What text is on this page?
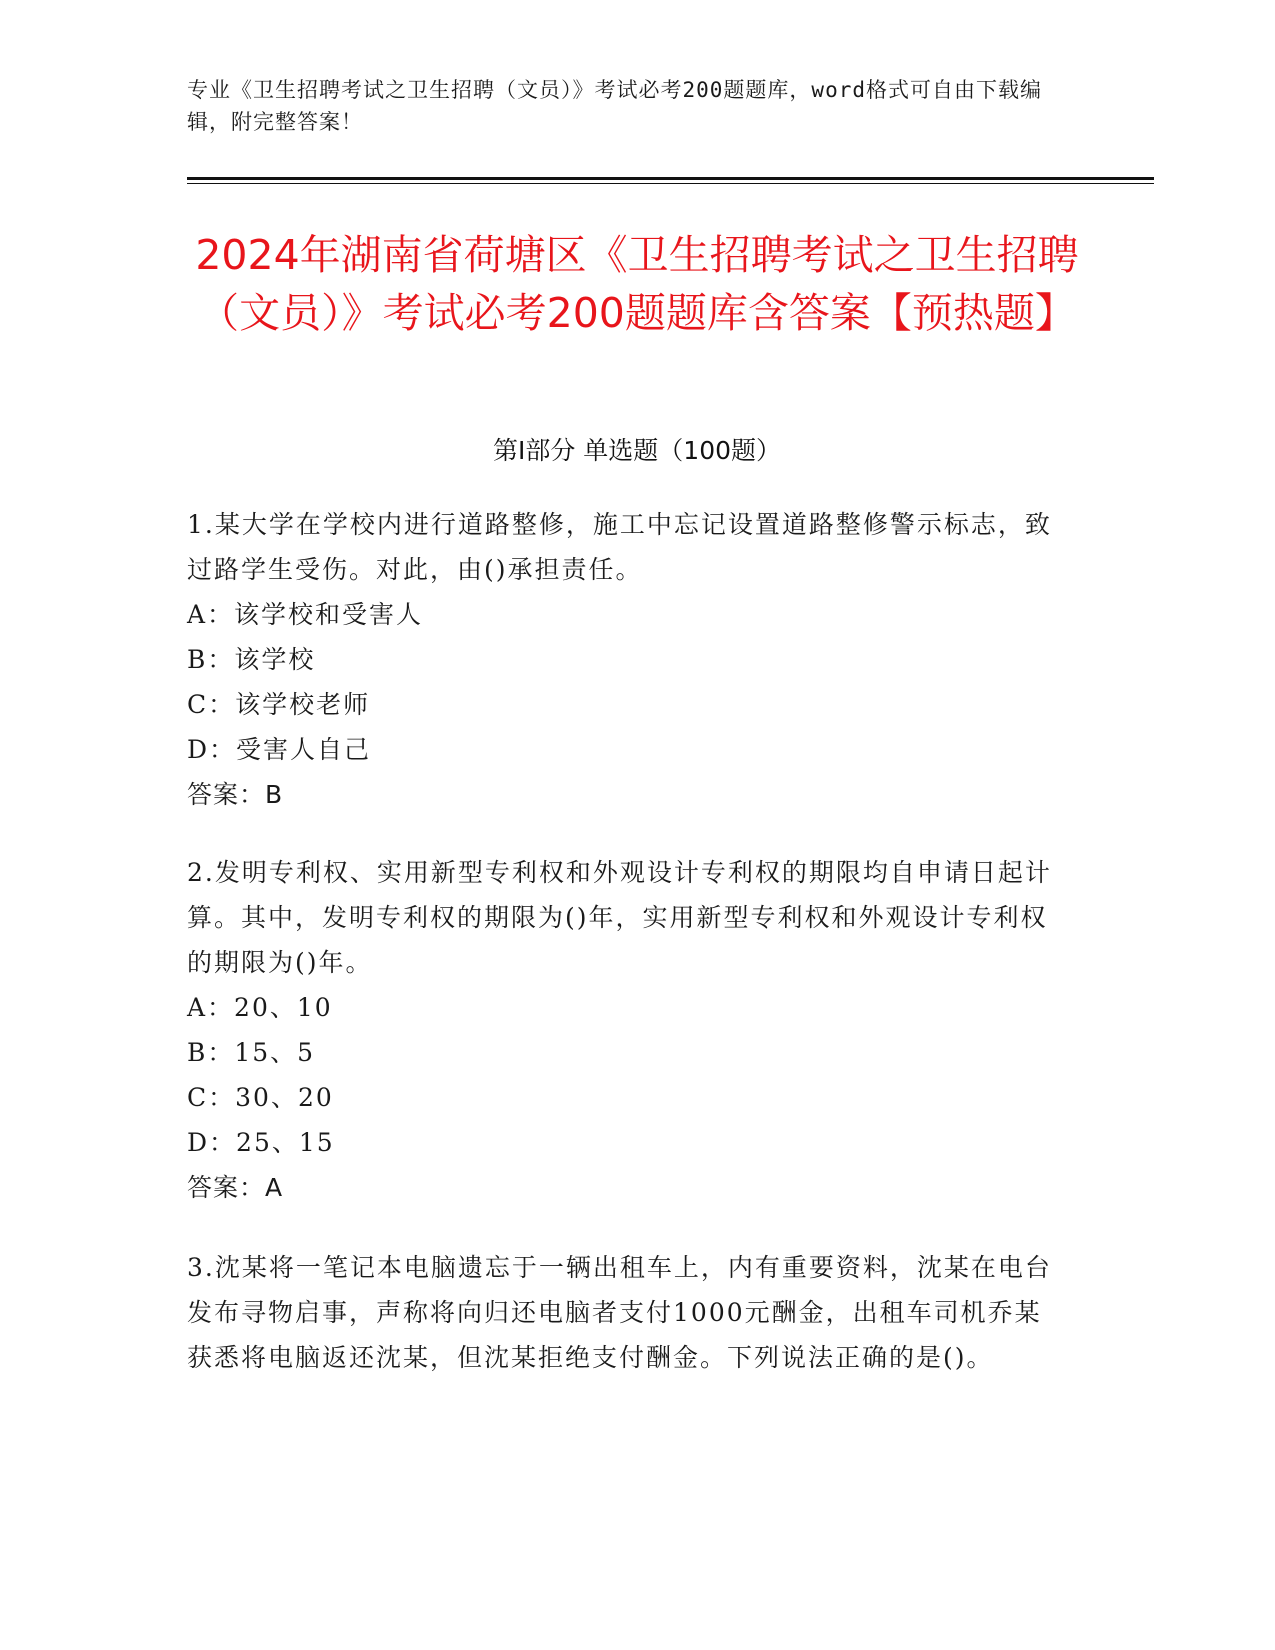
专业《卫生招聘考试之卫生招聘（文员）》考试必考200题题库，word格式可自由下载编辑，附完整答案！
2024年湖南省荷塘区《卫生招聘考试之卫生招聘（文员）》考试必考200题题库含答案【预热题】
第Ⅰ部分 单选题（100题）
1.某大学在学校内进行道路整修，施工中忘记设置道路整修警示标志，致过路学生受伤。对此，由()承担责任。
A：该学校和受害人
B：该学校
C：该学校老师
D：受害人自己
答案：B
2.发明专利权、实用新型专利权和外观设计专利权的期限均自申请日起计算。其中，发明专利权的期限为()年，实用新型专利权和外观设计专利权的期限为()年。
A：20、10
B：15、5
C：30、20
D：25、15
答案：A
3.沈某将一笔记本电脑遗忘于一辆出租车上，内有重要资料，沈某在电台发布寻物启事，声称将向归还电脑者支付1000元酬金，出租车司机乔某获悉将电脑返还沈某，但沈某拒绝支付酬金。下列说法正确的是()。
